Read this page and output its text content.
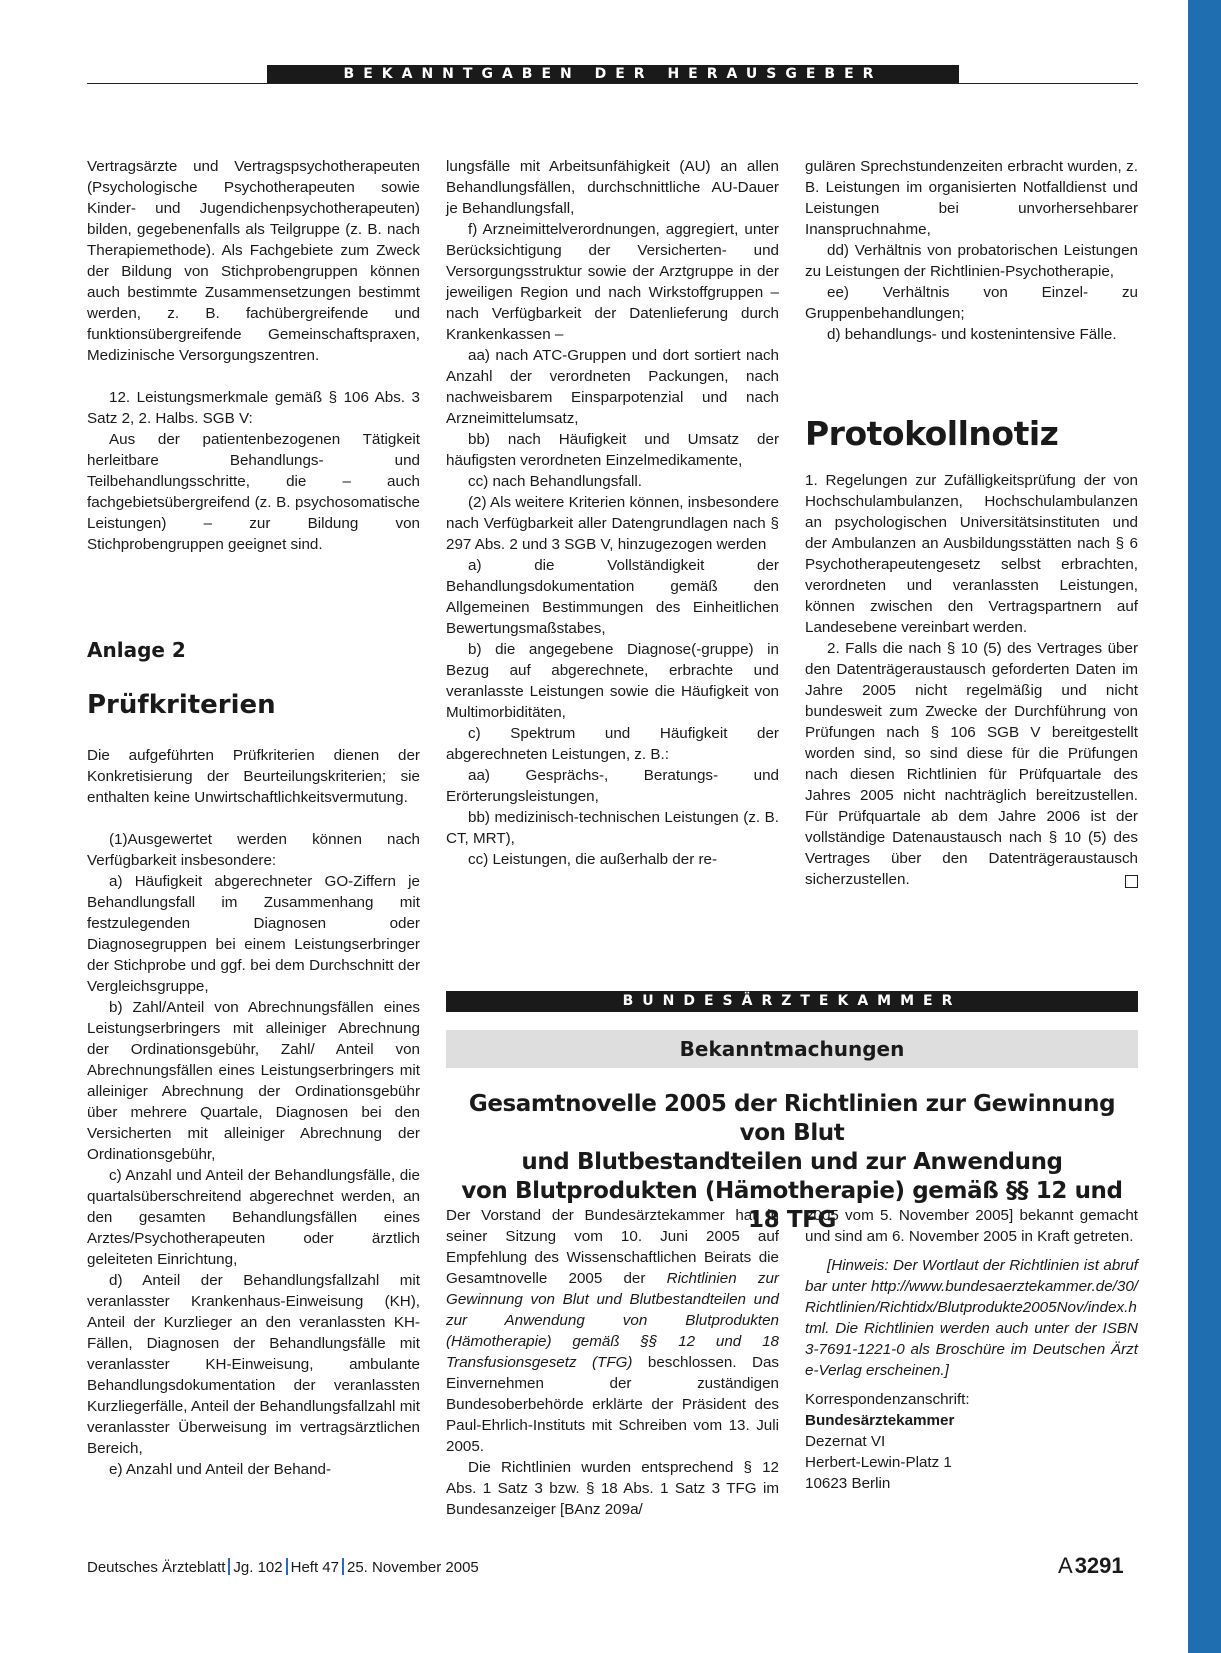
BEKANNTGABEN DER HERAUSGEBER

Vertragsärzte und Vertragspsychotherapeuten (Psychologische Psychotherapeuten sowie Kinder- und Jugendichenpsychotherapeuten) bilden, gegebenenfalls als Teilgruppe (z. B. nach Therapiemethode). Als Fachgebiete zum Zweck der Bildung von Stichprobengruppen können auch bestimmte Zusammensetzungen bestimmt werden, z. B. fachübergreifende und funktionsübergreifende Gemeinschaftspraxen, Medizinische Versorgungszentren.

12. Leistungsmerkmale gemäß § 106 Abs. 3 Satz 2, 2. Halbs. SGB V:

Aus der patientenbezogenen Tätigkeit herleitbare Behandlungs- und Teilbehandlungsschritte, die – auch fachgebietsübergreifend (z. B. psychosomatische Leistungen) – zur Bildung von Stichprobengruppen geeignet sind.

Anlage 2
Prüfkriterien

Die aufgeführten Prüfkriterien dienen der Konkretisierung der Beurteilungskriterien; sie enthalten keine Unwirtschaftlichkeitsvermutung.

(1)Ausgewertet werden können nach Verfügbarkeit insbesondere:

a) Häufigkeit abgerechneter GO-Ziffern je Behandlungsfall im Zusammenhang mit festzulegenden Diagnosen oder Diagnosegruppen bei einem Leistungserbringer der Stichprobe und ggf. bei dem Durchschnitt der Vergleichsgruppe,

b) Zahl/Anteil von Abrechnungsfällen eines Leistungserbringers mit alleiniger Abrechnung der Ordinationsgebühr, Zahl/ Anteil von Abrechnungsfällen eines Leistungserbringers mit alleiniger Abrechnung der Ordinationsgebühr über mehrere Quartale, Diagnosen bei den Versicherten mit alleiniger Abrechnung der Ordinationsgebühr,

c) Anzahl und Anteil der Behandlungsfälle, die quartalsüberschreitend abgerechnet werden, an den gesamten Behandlungsfällen eines Arztes/Psychotherapeuten oder ärztlich geleiteten Einrichtung,

d) Anteil der Behandlungsfallzahl mit veranlasster Krankenhaus-Einweisung (KH), Anteil der Kurzlieger an den veranlassten KH-Fällen, Diagnosen der Behandlungsfälle mit veranlasster KH-Einweisung, ambulante Behandlungsdokumentation der veranlassten Kurzliegerfälle, Anteil der Behandlungsfallzahl mit veranlasster Überweisung im vertragsärztlichen Bereich,

e) Anzahl und Anteil der Behand-

lungsfälle mit Arbeitsunfähigkeit (AU) an allen Behandlungsfällen, durchschnittliche AU-Dauer je Behandlungsfall,

f) Arzneimittelverordnungen, aggregiert, unter Berücksichtigung der Versicherten- und Versorgungsstruktur sowie der Arztgruppe in der jeweiligen Region und nach Wirkstoffgruppen – nach Verfügbarkeit der Datenlieferung durch Krankenkassen –

aa) nach ATC-Gruppen und dort sortiert nach Anzahl der verordneten Packungen, nach nachweisbarem Einsparpotenzial und nach Arzneimittelumsatz,

bb) nach Häufigkeit und Umsatz der häufigsten verordneten Einzelmedikamente,

cc) nach Behandlungsfall.

(2) Als weitere Kriterien können, insbesondere nach Verfügbarkeit aller Datengrundlagen nach § 297 Abs. 2 und 3 SGB V, hinzugezogen werden

a) die Vollständigkeit der Behandlungsdokumentation gemäß den Allgemeinen Bestimmungen des Einheitlichen Bewertungsmaßstabes,

b) die angegebene Diagnose(-gruppe) in Bezug auf abgerechnete, erbrachte und veranlasste Leistungen sowie die Häufigkeit von Multimorbiditäten,

c) Spektrum und Häufigkeit der abgerechneten Leistungen, z. B.:

aa) Gesprächs-, Beratungs- und Erörterungsleistungen,

bb) medizinisch-technischen Leistungen (z. B. CT, MRT),

cc) Leistungen, die außerhalb der re-

gulären Sprechstundenzeiten erbracht wurden, z. B. Leistungen im organisierten Notfalldienst und Leistungen bei unvorhersehbarer Inanspruchnahme,

dd) Verhältnis von probatorischen Leistungen zu Leistungen der Richtlinien-Psychotherapie,

ee) Verhältnis von Einzel- zu Gruppenbehandlungen;

d) behandlungs- und kostenintensive Fälle.

Protokollnotiz

1. Regelungen zur Zufälligkeitsprüfung der von Hochschulambulanzen, Hochschulambulanzen an psychologischen Universitätsinstituten und der Ambulanzen an Ausbildungsstätten nach § 6 Psychotherapeutengesetz selbst erbrachten, verordneten und veranlassten Leistungen, können zwischen den Vertragspartnern auf Landesebene vereinbart werden.

2. Falls die nach § 10 (5) des Vertrages über den Datenträgeraustausch geforderten Daten im Jahre 2005 nicht regelmäßig und nicht bundesweit zum Zwecke der Durchführung von Prüfungen nach § 106 SGB V bereitgestellt worden sind, so sind diese für die Prüfungen nach diesen Richtlinien für Prüfquartale des Jahres 2005 nicht nachträglich bereitzustellen. Für Prüfquartale ab dem Jahre 2006 ist der vollständige Datenaustausch nach § 10 (5) des Vertrages über den Datenträgeraustausch sicherzustellen.

BUNDESÄRZTEKAMMER
Bekanntmachungen
Gesamtnovelle 2005 der Richtlinien zur Gewinnung von Blut
und Blutbestandteilen und zur Anwendung
von Blutprodukten (Hämotherapie) gemäß §§ 12 und 18 TFG

Der Vorstand der Bundesärztekammer hat in seiner Sitzung vom 10. Juni 2005 auf Empfehlung des Wissenschaftlichen Beirats die Gesamtnovelle 2005 der Richtlinien zur Gewinnung von Blut und Blutbestandteilen und zur Anwendung von Blutprodukten (Hämotherapie) gemäß §§ 12 und 18 Transfusionsgesetz (TFG) beschlossen. Das Einvernehmen der zuständigen Bundesoberbehörde erklärte der Präsident des Paul-Ehrlich-Instituts mit Schreiben vom 13. Juli 2005.

Die Richtlinien wurden entsprechend § 12 Abs. 1 Satz 3 bzw. § 18 Abs. 1 Satz 3 TFG im Bundesanzeiger [BAnz 209a/

2005 vom 5. November 2005] bekannt gemacht und sind am 6. November 2005 in Kraft getreten.

[Hinweis: Der Wortlaut der Richtlinien ist abrufbar unter http://www.bundesaerztekammer.de/30/Richtlinien/Richtidx/Blutprodukte2005Nov/index.html. Die Richtlinien werden auch unter der ISBN 3-7691-1221-0 als Broschüre im Deutschen Ärzte-Verlag erscheinen.]

Korrespondenzanschrift:

Bundesärztekammer

Dezernat VI

Herbert-Lewin-Platz 1

10623 Berlin

Deutsches Ärzteblatt Jg. 102 Heft 47 25. November 2005	A3291
